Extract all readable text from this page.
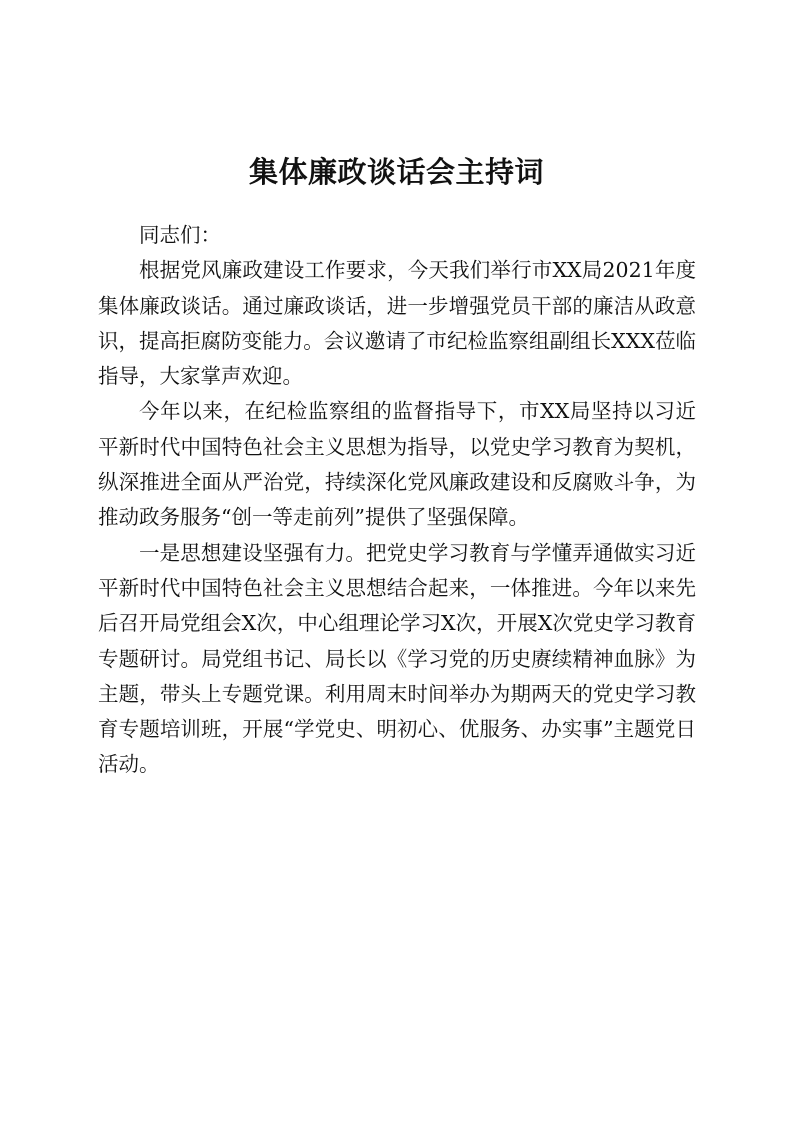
集体廉政谈话会主持词

同志们：

根据党风廉政建设工作要求，今天我们举行市XX局2021年度集体廉政谈话。通过廉政谈话，进一步增强党员干部的廉洁从政意识，提高拒腐防变能力。会议邀请了市纪检监察组副组长XXX莅临指导，大家掌声欢迎。

今年以来，在纪检监察组的监督指导下，市XX局坚持以习近平新时代中国特色社会主义思想为指导，以党史学习教育为契机，纵深推进全面从严治党，持续深化党风廉政建设和反腐败斗争，为推动政务服务“创一等走前列”提供了坚强保障。

一是思想建设坚强有力。把党史学习教育与学懂弄通做实习近平新时代中国特色社会主义思想结合起来，一体推进。今年以来先后召开局党组会X次，中心组理论学习X次，开展X次党史学习教育专题研讨。局党组书记、局长以《学习党的历史赓续精神血脉》为主题，带头上专题党课。利用周末时间举办为期两天的党史学习教育专题培训班，开展“学党史、明初心、优服务、办实事”主题党日活动。
